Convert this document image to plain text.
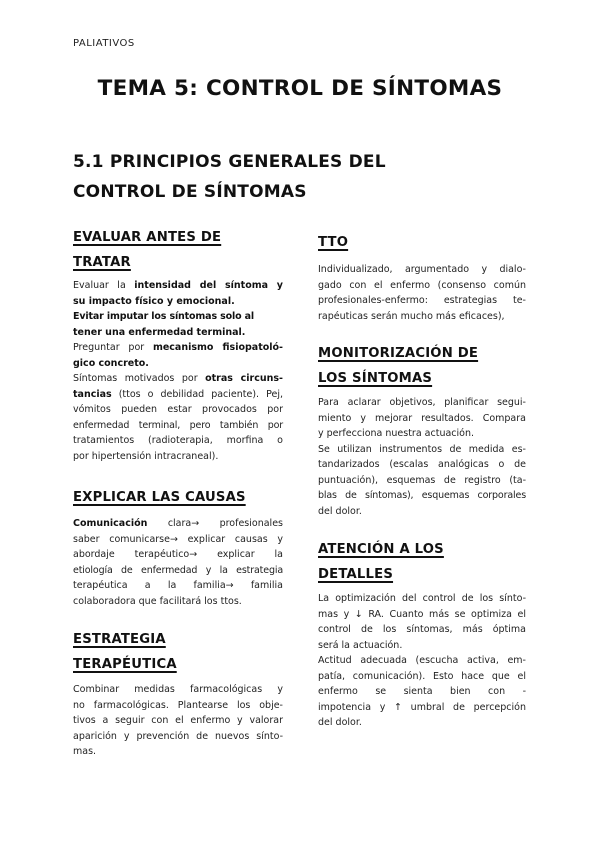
PALIATIVOS
TEMA 5: CONTROL DE SÍNTOMAS
5.1 PRINCIPIOS GENERALES DEL
CONTROL DE SÍNTOMAS
EVALUAR ANTES DE
TRATAR
Evaluar la intensidad del síntoma y
su impacto físico y emocional.
Evitar imputar los síntomas solo al
tener una enfermedad terminal.
Preguntar por mecanismo fisiopatoló-
gico concreto.
Síntomas motivados por otras circuns-
tancias (ttos o debilidad paciente). Pej,
vómitos pueden estar provocados por
enfermedad terminal, pero también por
tratamientos (radioterapia, morfina o
por hipertensión intracraneal).
EXPLICAR LAS CAUSAS
Comunicación clara→ profesionales
saber comunicarse→ explicar causas y
abordaje terapéutico→ explicar la
etiología de enfermedad y la estrategia
terapéutica a la familia→ familia
colaboradora que facilitará los ttos.
ESTRATEGIA
TERAPÉUTICA
Combinar medidas farmacológicas y
no farmacológicas. Plantearse los obje-
tivos a seguir con el enfermo y valorar
aparición y prevención de nuevos sínto-
mas.
TTO
Individualizado, argumentado y dialo-
gado con el enfermo (consenso común
profesionales-enfermo: estrategias te-
rapéuticas serán mucho más eficaces),
MONITORIZACIÓN DE
LOS SÍNTOMAS
Para aclarar objetivos, planificar segui-
miento y mejorar resultados. Compara
y perfecciona nuestra actuación.
Se utilizan instrumentos de medida es-
tandarizados (escalas analógicas o de
puntuación), esquemas de registro (ta-
blas de síntomas), esquemas corporales
del dolor.
ATENCIÓN A LOS
DETALLES
La optimización del control de los sínto-
mas y ↓ RA. Cuanto más se optimiza el
control de los síntomas, más óptima
será la actuación.
Actitud adecuada (escucha activa, em-
patía, comunicación). Esto hace que el
enfermo se sienta bien con -
impotencia y ↑ umbral de percepción
del dolor.
